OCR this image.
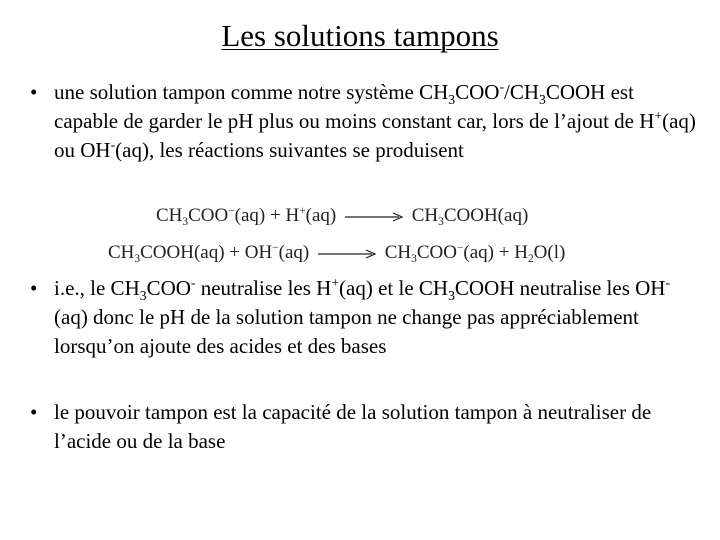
Les solutions tampons
• une solution tampon comme notre système $CH_3COO^-/CH_3COOH$ est capable de garder le pH plus ou moins constant car, lors de l’ajout de H+(aq) ou OH-(aq), les réactions suivantes se produisent
$CH_3COO^-(aq) + H^+(aq)$ → $CH_3COOH(aq)$
$CH_3COOH(aq) + OH^-(aq) \to CH_3COO^-(aq) + H_2O(l)$
• i.e., le $CH_3COO^-$ neutralise les H+(aq) et le $CH_3COOH$ neutralise les OH-(aq) donc le pH de la solution tampon ne change pas appréciablement lorsqu’on ajoute des acides et des bases
• le pouvoir tampon est la capacité de la solution tampon à neutraliser de l’acide ou de la base
